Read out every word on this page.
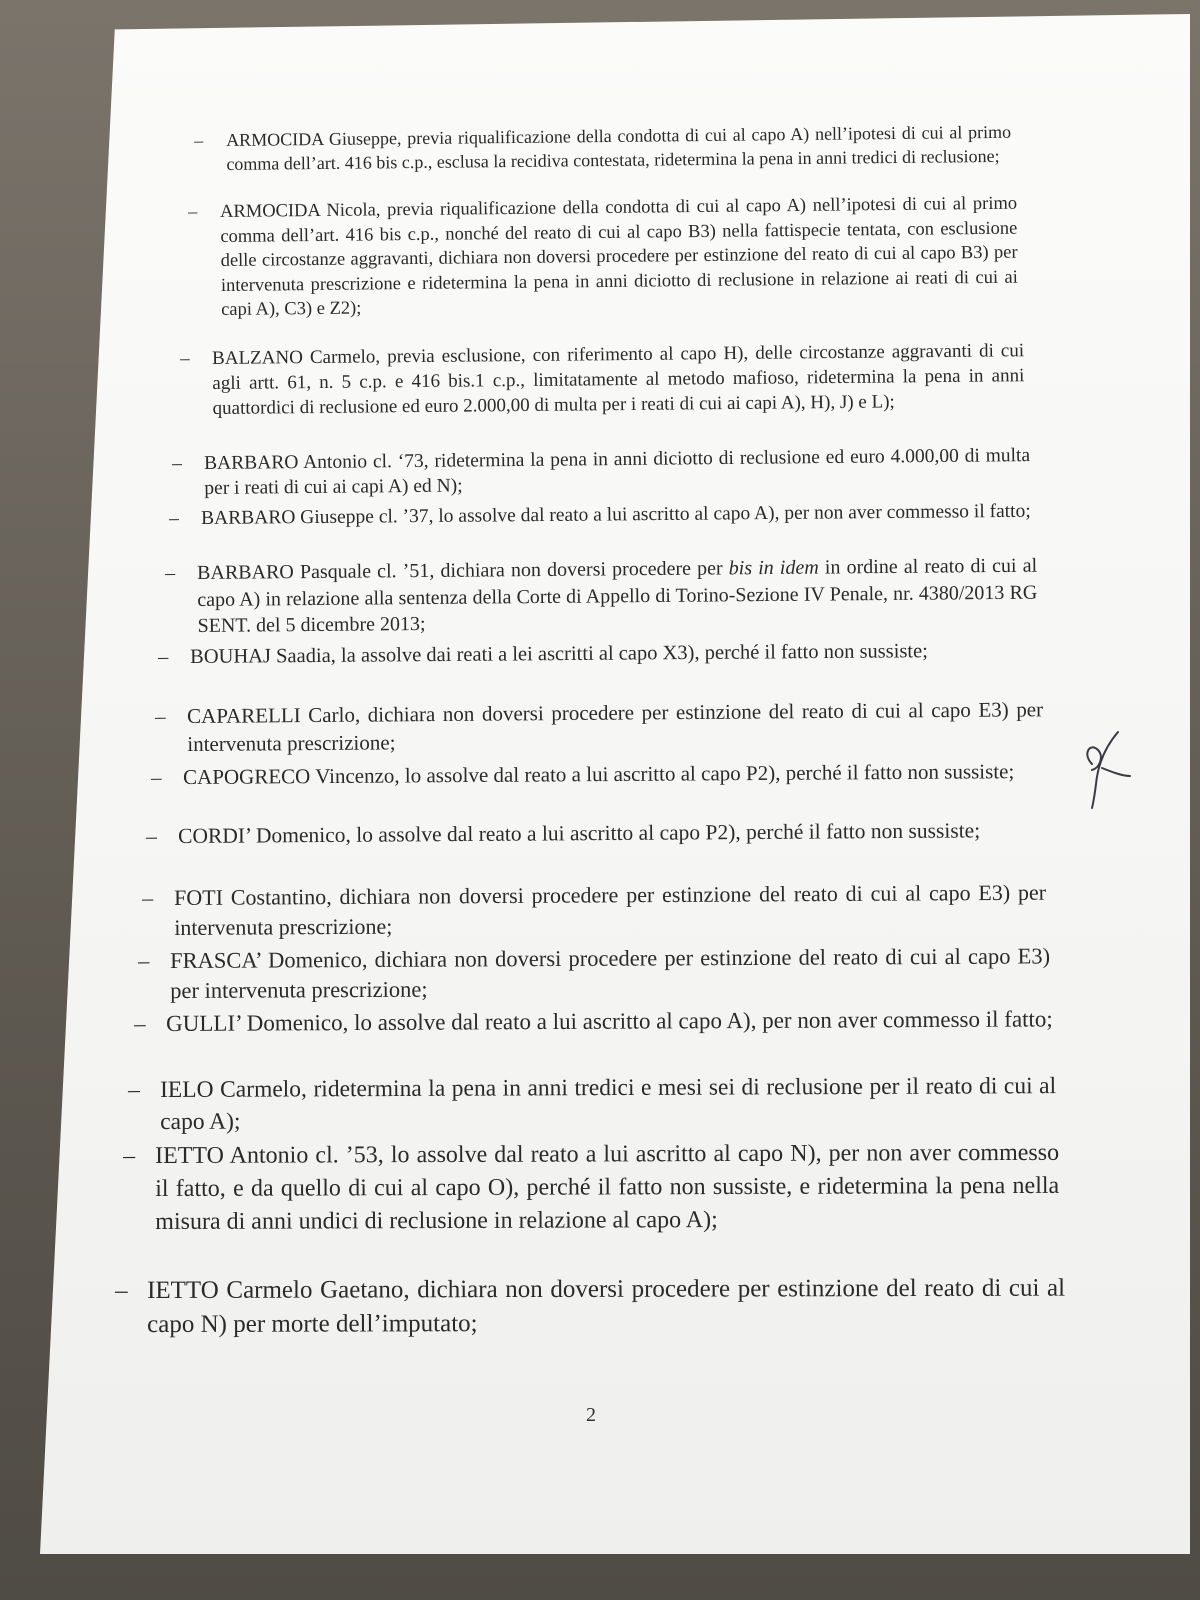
– ARMOCIDA Giuseppe, previa riqualificazione della condotta di cui al capo A) nell’ipotesi di cui al primo comma dell’art. 416 bis c.p., esclusa la recidiva contestata, ridetermina la pena in anni tredici di reclusione;
– ARMOCIDA Nicola, previa riqualificazione della condotta di cui al capo A) nell’ipotesi di cui al primo comma dell’art. 416 bis c.p., nonché del reato di cui al capo B3) nella fattispecie tentata, con esclusione delle circostanze aggravanti, dichiara non doversi procedere per estinzione del reato di cui al capo B3) per intervenuta prescrizione e ridetermina la pena in anni diciotto di reclusione in relazione ai reati di cui ai capi A), C3) e Z2);
– BALZANO Carmelo, previa esclusione, con riferimento al capo H), delle circostanze aggravanti di cui agli artt. 61, n. 5 c.p. e 416 bis.1 c.p., limitatamente al metodo mafioso, ridetermina la pena in anni quattordici di reclusione ed euro 2.000,00 di multa per i reati di cui ai capi A), H), J) e L);
– BARBARO Antonio cl. ‘73, ridetermina la pena in anni diciotto di reclusione ed euro 4.000,00 di multa per i reati di cui ai capi A) ed N);
– BARBARO Giuseppe cl. ’37, lo assolve dal reato a lui ascritto al capo A), per non aver commesso il fatto;
– BARBARO Pasquale cl. ’51, dichiara non doversi procedere per bis in idem in ordine al reato di cui al capo A) in relazione alla sentenza della Corte di Appello di Torino-Sezione IV Penale, nr. 4380/2013 RG SENT. del 5 dicembre 2013;
– BOUHAJ Saadia, la assolve dai reati a lei ascritti al capo X3), perché il fatto non sussiste;
– CAPARELLI Carlo, dichiara non doversi procedere per estinzione del reato di cui al capo E3) per intervenuta prescrizione;
– CAPOGRECO Vincenzo, lo assolve dal reato a lui ascritto al capo P2), perché il fatto non sussiste;
– CORDI’ Domenico, lo assolve dal reato a lui ascritto al capo P2), perché il fatto non sussiste;
– FOTI Costantino, dichiara non doversi procedere per estinzione del reato di cui al capo E3) per intervenuta prescrizione;
– FRASCA’ Domenico, dichiara non doversi procedere per estinzione del reato di cui al capo E3) per intervenuta prescrizione;
– GULLI’ Domenico, lo assolve dal reato a lui ascritto al capo A), per non aver commesso il fatto;
– IELO Carmelo, ridetermina la pena in anni tredici e mesi sei di reclusione per il reato di cui al capo A);
– IETTO Antonio cl. ’53, lo assolve dal reato a lui ascritto al capo N), per non aver commesso il fatto, e da quello di cui al capo O), perché il fatto non sussiste, e ridetermina la pena nella misura di anni undici di reclusione in relazione al capo A);
– IETTO Carmelo Gaetano, dichiara non doversi procedere per estinzione del reato di cui al capo N) per morte dell’imputato;
2
